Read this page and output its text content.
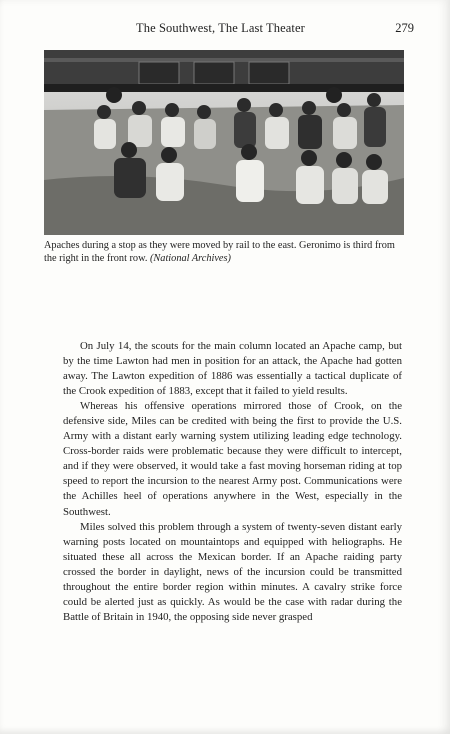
The Southwest, The Last Theater	279
Apaches during a stop as they were moved by rail to the east. Geronimo is third from the right in the front row. (National Archives)

On July 14, the scouts for the main column located an Apache camp, but by the time Lawton had men in position for an attack, the Apache had gotten away. The Lawton expedition of 1886 was essentially a tactical duplicate of the Crook expedition of 1883, except that it failed to yield results.

Whereas his offensive operations mirrored those of Crook, on the defensive side, Miles can be credited with being the first to provide the U.S. Army with a distant early warning system utilizing leading edge technology. Cross-border raids were problematic because they were difficult to intercept, and if they were observed, it would take a fast moving horseman riding at top speed to report the incursion to the nearest Army post. Communications were the Achilles heel of operations anywhere in the West, especially in the Southwest.

Miles solved this problem through a system of twenty-seven distant early warning posts located on mountaintops and equipped with heliographs. He situated these all across the Mexican border. If an Apache raiding party crossed the border in daylight, news of the incursion could be transmitted throughout the entire border region within minutes. A cavalry strike force could be alerted just as quickly. As would be the case with radar during the Battle of Britain in 1940, the opposing side never grasped
